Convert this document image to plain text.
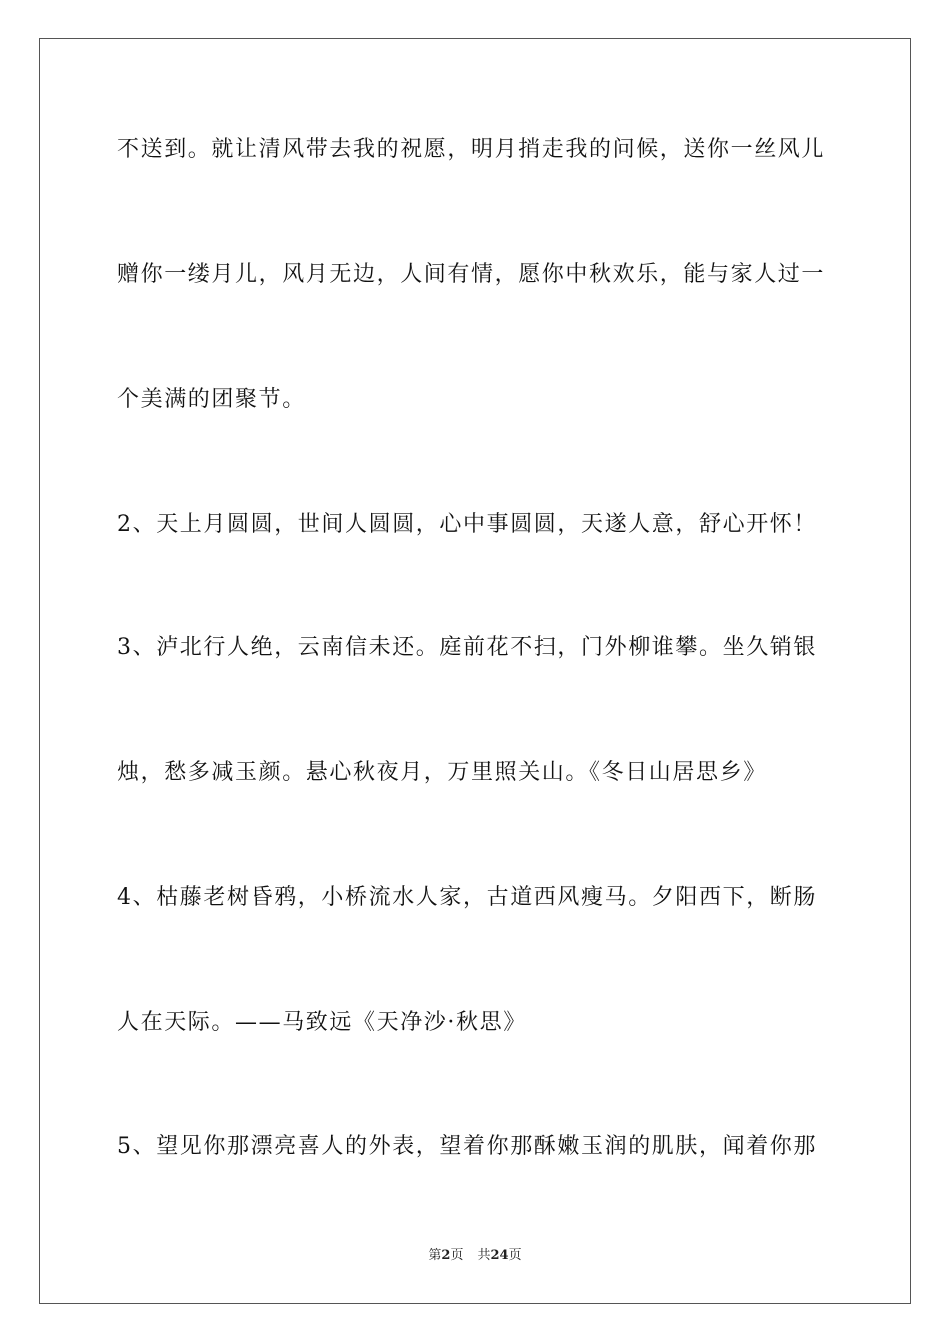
不送到。就让清风带去我的祝愿，明月捎走我的问候，送你一丝风儿

赠你一缕月儿，风月无边，人间有情，愿你中秋欢乐，能与家人过一

个美满的团聚节。

2、天上月圆圆，世间人圆圆，心中事圆圆，天遂人意，舒心开怀！

3、泸北行人绝，云南信未还。庭前花不扫，门外柳谁攀。坐久销银

烛，愁多减玉颜。悬心秋夜月，万里照关山。《冬日山居思乡》

4、枯藤老树昏鸦，小桥流水人家，古道西风瘦马。夕阳西下，断肠

人在天际。——马致远《天净沙·秋思》

5、望见你那漂亮喜人的外表，望着你那酥嫩玉润的肌肤，闻着你那

第2页 共24页
